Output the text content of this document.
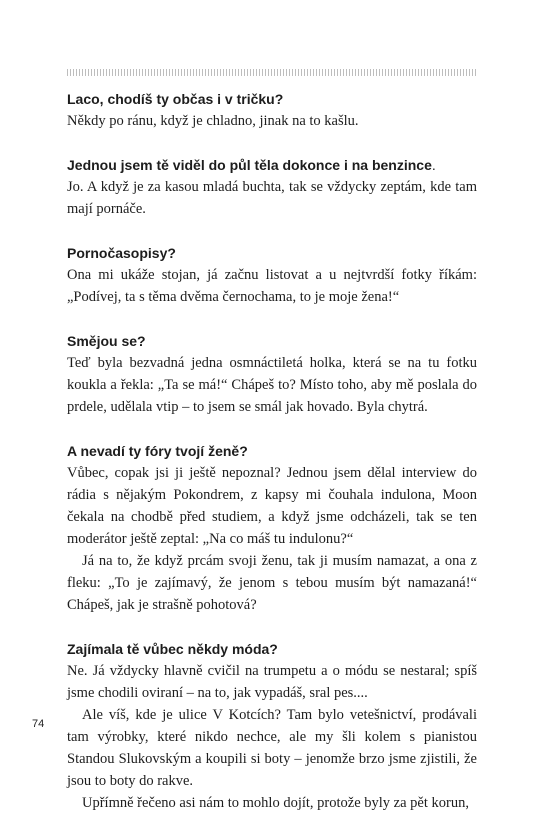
Laco, chodíš ty občas i v tričku?

Někdy po ránu, když je chladno, jinak na to kašlu.

Jednou jsem tě viděl do půl těla dokonce i na benzince.

Jo. A když je za kasou mladá buchta, tak se vždycky zeptám, kde tam mají pornáče.

Pornočasopisy?

Ona mi ukáže stojan, já začnu listovat a u nejtvrdší fotky říkám: „Podívej, ta s těma dvěma černochama, to je moje žena!“

Smějou se?

Teď byla bezvadná jedna osmnáctiletá holka, která se na tu fotku koukla a řekla: „Ta se má!“ Chápeš to? Místo toho, aby mě poslala do prdele, udělala vtip – to jsem se smál jak hovado. Byla chytrá.

A nevadí ty fóry tvojí ženě?

Vůbec, copak jsi ji ještě nepoznal? Jednou jsem dělal interview do rádia s nějakým Pokondrem, z kapsy mi čouhala indulona, Moon čekala na chodbě před studiem, a když jsme odcházeli, tak se ten moderátor ještě zeptal: „Na co máš tu indulonu?“

Já na to, že když prcám svoji ženu, tak ji musím namazat, a ona z fleku: „To je zajímavý, že jenom s tebou musím být namazaná!“ Chápeš, jak je strašně pohotová?

Zajímala tě vůbec někdy móda?

Ne. Já vždycky hlavně cvičil na trumpetu a o módu se nestaral; spíš jsme chodili oviraní – na to, jak vypadáš, sral pes....

Ale víš, kde je ulice V Kotcích? Tam bylo vetešnictví, prodávali tam výrobky, které nikdo nechce, ale my šli kolem s pianistou Standou Slukovským a koupili si boty – jenomže brzo jsme zjistili, že jsou to boty do rakve.

Upřímně řečeno asi nám to mohlo dojít, protože byly za pět korun,

74
